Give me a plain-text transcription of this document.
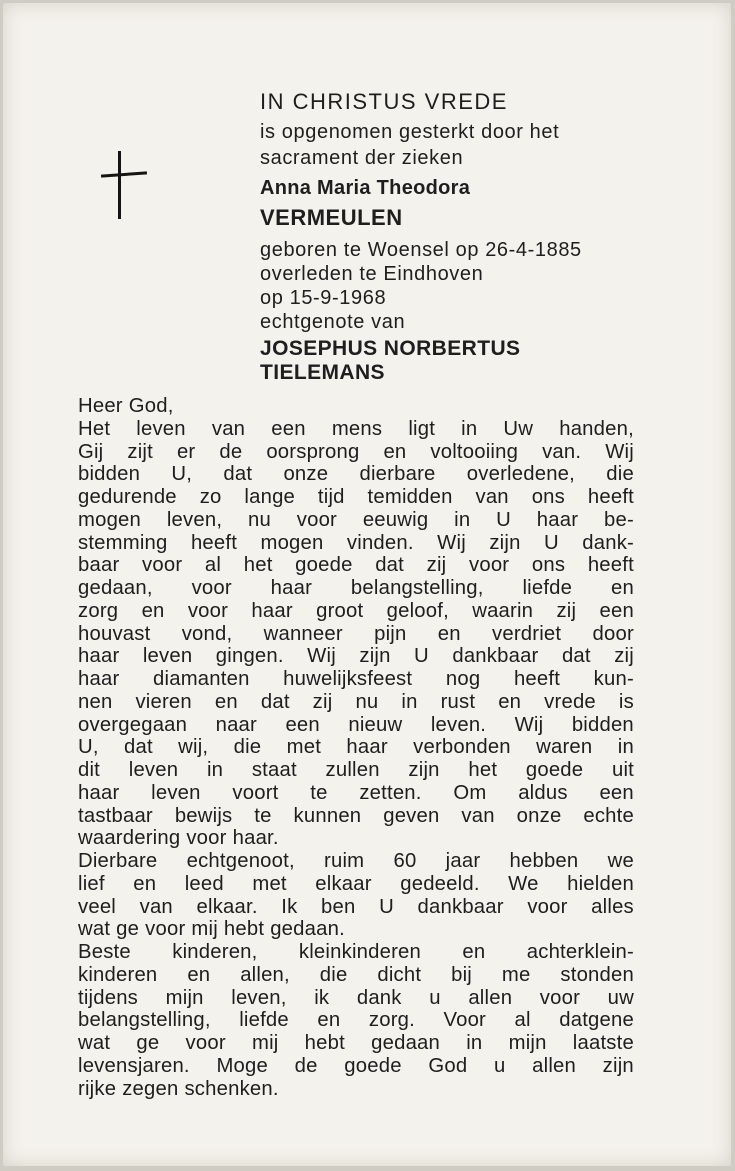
IN CHRISTUS VREDE
is opgenomen gesterkt door het
sacrament der zieken
Anna Maria Theodora
VERMEULEN
geboren te Woensel op 26-4-1885
overleden te Eindhoven
op 15-9-1968
echtgenote van
JOSEPHUS NORBERTUS
TIELEMANS
Heer God,
Het leven van een mens ligt in Uw handen,
Gij zijt er de oorsprong en voltooiing van. Wij
bidden U, dat onze dierbare overledene, die
gedurende zo lange tijd temidden van ons heeft
mogen leven, nu voor eeuwig in U haar be-
stemming heeft mogen vinden. Wij zijn U dank-
baar voor al het goede dat zij voor ons heeft
gedaan, voor haar belangstelling, liefde en
zorg en voor haar groot geloof, waarin zij een
houvast vond, wanneer pijn en verdriet door
haar leven gingen. Wij zijn U dankbaar dat zij
haar diamanten huwelijksfeest nog heeft kun-
nen vieren en dat zij nu in rust en vrede is
overgegaan naar een nieuw leven. Wij bidden
U, dat wij, die met haar verbonden waren in
dit leven in staat zullen zijn het goede uit
haar leven voort te zetten. Om aldus een
tastbaar bewijs te kunnen geven van onze echte
waardering voor haar.
Dierbare echtgenoot, ruim 60 jaar hebben we
lief en leed met elkaar gedeeld. We hielden
veel van elkaar. Ik ben U dankbaar voor alles
wat ge voor mij hebt gedaan.
Beste kinderen, kleinkinderen en achterklein-
kinderen en allen, die dicht bij me stonden
tijdens mijn leven, ik dank u allen voor uw
belangstelling, liefde en zorg. Voor al datgene
wat ge voor mij hebt gedaan in mijn laatste
levensjaren. Moge de goede God u allen zijn
rijke zegen schenken.
